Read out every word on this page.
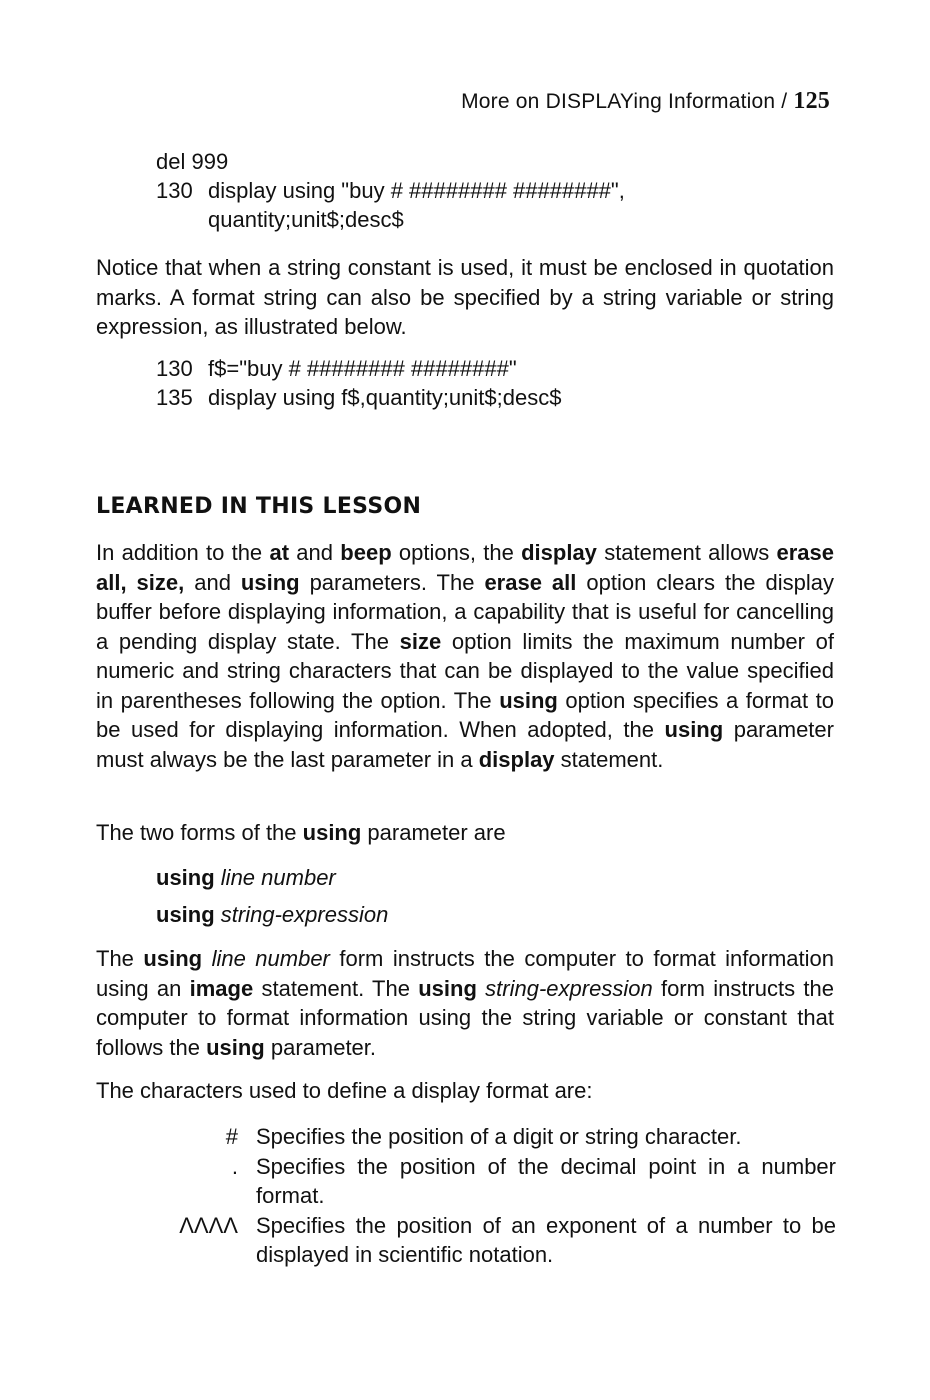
More on DISPLAYing Information / 125
del 999
130 display using "buy # ######## ########",
quantity;unit$;desc$

Notice that when a string constant is used, it must be enclosed in quotation marks. A format string can also be specified by a string variable or string expression, as illustrated below.

130 f$="buy # ######## ########"
135 display using f$,quantity;unit$;desc$
LEARNED IN THIS LESSON

In addition to the at and beep options, the display statement allows erase all, size, and using parameters. The erase all option clears the display buffer before displaying information, a capability that is useful for cancelling a pending display state. The size option limits the maximum number of numeric and string characters that can be displayed to the value specified in parentheses following the option. The using option specifies a format to be used for displaying information. When adopted, the using parameter must always be the last parameter in a display statement.

The two forms of the using parameter are

using line number
using string-expression

The using line number form instructs the computer to format information using an image statement. The using string-expression form instructs the computer to format information using the string variable or constant that follows the using parameter.

The characters used to define a display format are:

# Specifies the position of a digit or string character.
. Specifies the position of the decimal point in a number format.
ΛΛΛΛ Specifies the position of an exponent of a number to be displayed in scientific notation.
